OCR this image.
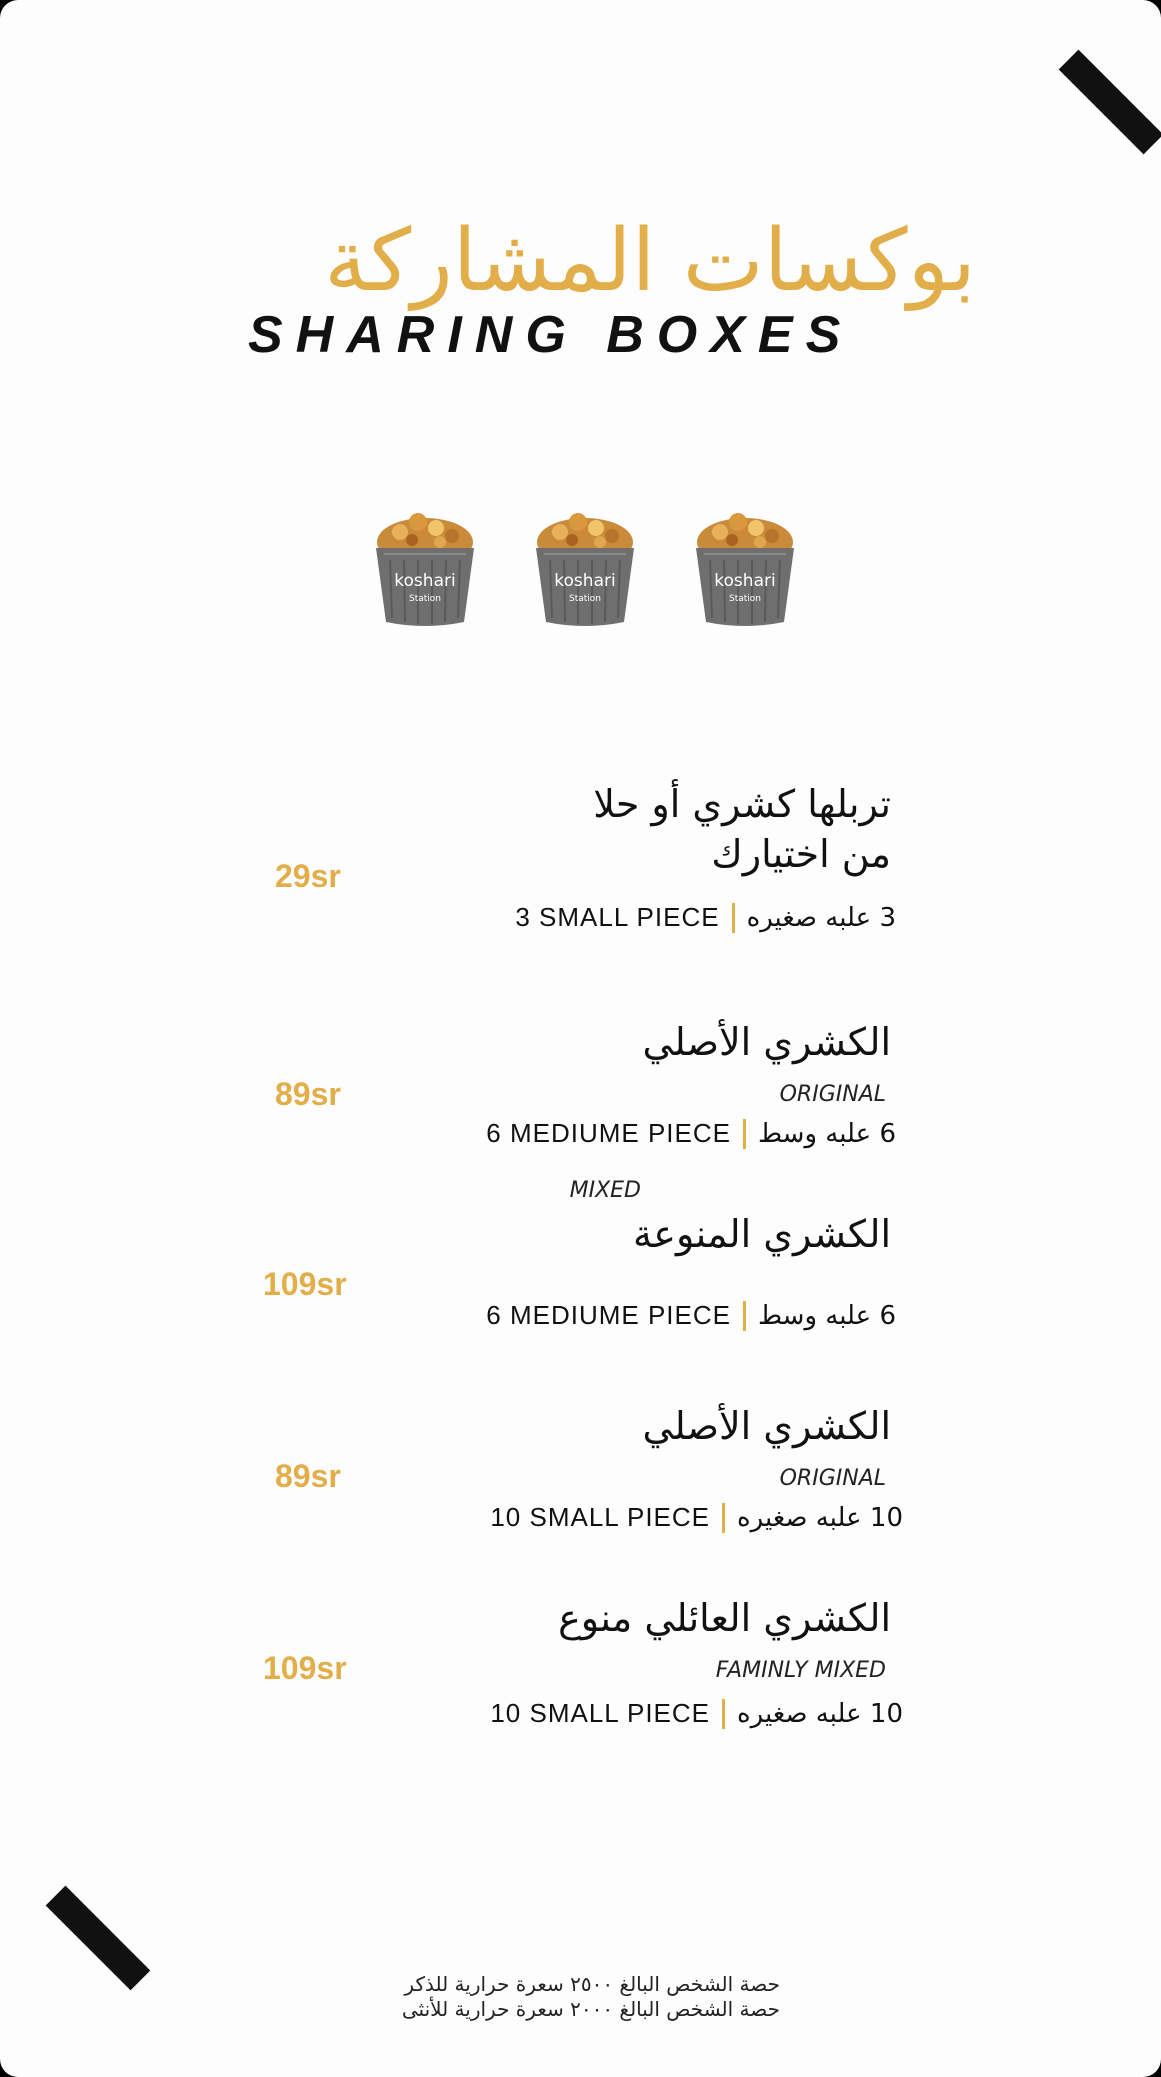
بوكسات المشاركة
SHARING BOXES
koshari
Station
koshari
Station
koshari
Station
تربلها كشري أو حلا
من اختيارك
29sr
3 SMALL PIECE 3 علبه صغيره
الكشري الأصلي
ORIGINAL
89sr
6 MEDIUME PIECE 6 علبه وسط
MIXED
الكشري المنوعة
109sr
6 MEDIUME PIECE 6 علبه وسط
الكشري الأصلي
ORIGINAL
89sr
10 SMALL PIECE 10 علبه صغيره
الكشري العائلي منوع
FAMINLY MIXED
109sr
10 SMALL PIECE 10 علبه صغيره
حصة الشخص البالغ ٢٥٠٠ سعرة حرارية للذكر
حصة الشخص البالغ ٢٠٠٠ سعرة حرارية للأنثى
